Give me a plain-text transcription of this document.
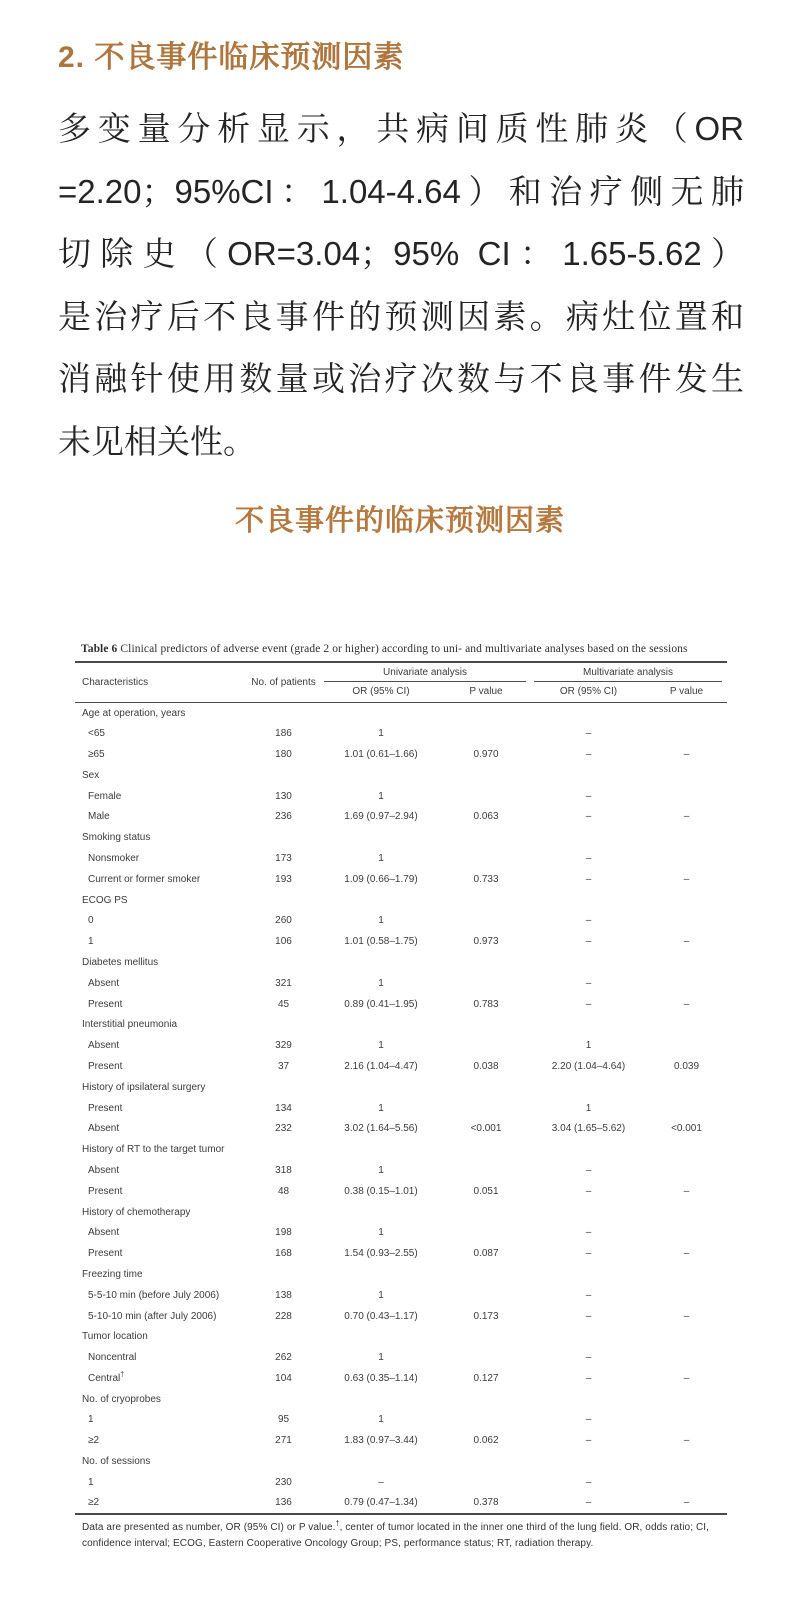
2. 不良事件临床预测因素
多变量分析显示，共病间质性肺炎（OR
=2.20；95%CI：1.04-4.64）和治疗侧无肺
切除史（OR=3.04；95% CI：1.65-5.62）
是治疗后不良事件的预测因素。病灶位置和
消融针使用数量或治疗次数与不良事件发生
未见相关性。
不良事件的临床预测因素
Table 6 Clinical predictors of adverse event (grade 2 or higher) according to uni- and multivariate analyses based on the sessions
Characteristics	No. of patients	Univariate analysis		Multivariate analysis	

		OR (95% CI)	P value	OR (95% CI)	P value
Age at operation, years					
<65	186	1		–	
≥65	180	1.01 (0.61–1.66)	0.970	–	–
Sex					
Female	130	1		–	
Male	236	1.69 (0.97–2.94)	0.063	–	–
Smoking status					
Nonsmoker	173	1		–	
Current or former smoker	193	1.09 (0.66–1.79)	0.733	–	–
ECOG PS					
0	260	1		–	
1	106	1.01 (0.58–1.75)	0.973	–	–
Diabetes mellitus					
Absent	321	1		–	
Present	45	0.89 (0.41–1.95)	0.783	–	–
Interstitial pneumonia					
Absent	329	1		1	
Present	37	2.16 (1.04–4.47)	0.038	2.20 (1.04–4.64)	0.039
History of ipsilateral surgery					
Present	134	1		1	
Absent	232	3.02 (1.64–5.56)	<0.001	3.04 (1.65–5.62)	<0.001
History of RT to the target tumor					
Absent	318	1		–	
Present	48	0.38 (0.15–1.01)	0.051	–	–
History of chemotherapy					
Absent	198	1		–	
Present	168	1.54 (0.93–2.55)	0.087	–	–
Freezing time					
5-5-10 min (before July 2006)	138	1		–	
5-10-10 min (after July 2006)	228	0.70 (0.43–1.17)	0.173	–	–
Tumor location					
Noncentral	262	1		–	
Central†	104	0.63 (0.35–1.14)	0.127	–	–
No. of cryoprobes					
1	95	1		–	
≥2	271	1.83 (0.97–3.44)	0.062	–	–
No. of sessions					
1	230	–		–	
≥2	136	0.79 (0.47–1.34)	0.378	–	–
Data are presented as number, OR (95% CI) or P value.†, center of tumor located in the inner one third of the lung field. OR, odds ratio; CI, confidence interval; ECOG, Eastern Cooperative Oncology Group; PS, performance status; RT, radiation therapy.
